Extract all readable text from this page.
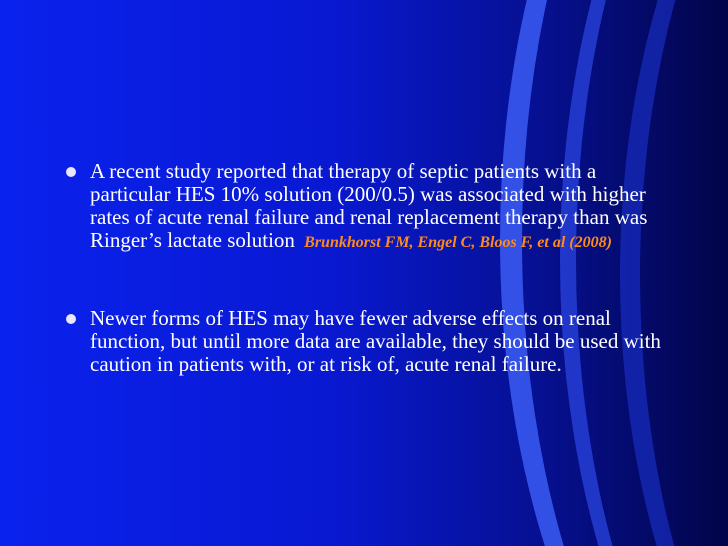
A recent study reported that therapy of septic patients with a particular HES 10% solution (200/0.5) was associated with higher rates of acute renal failure and renal replacement therapy than was Ringer’s lactate solution Brunkhorst FM, Engel C, Bloos F, et al (2008)
Newer forms of HES may have fewer adverse effects on renal function, but until more data are available, they should be used with caution in patients with, or at risk of, acute renal failure.
